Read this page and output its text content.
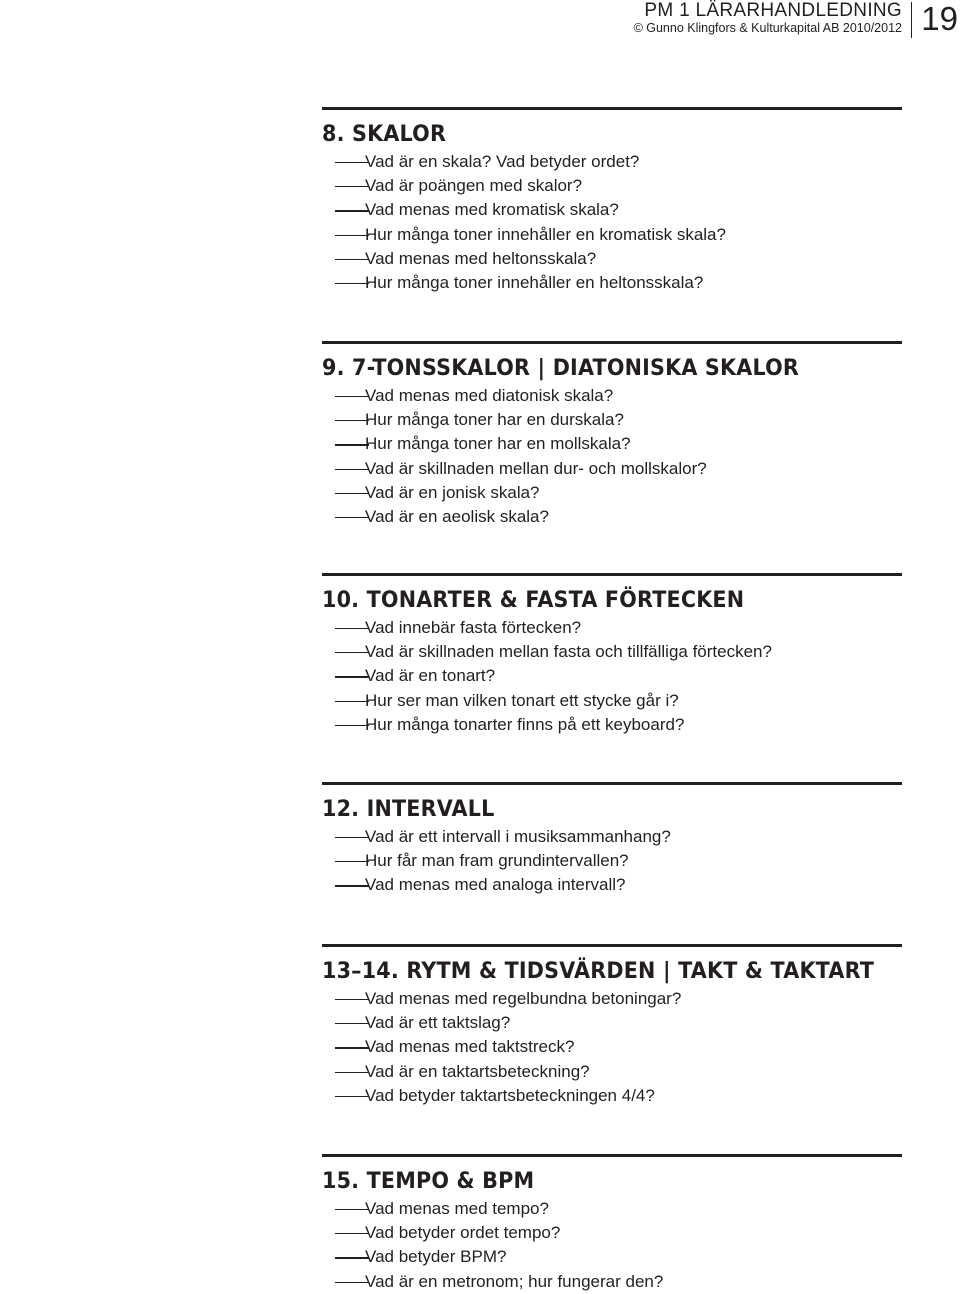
PM 1 LÄRARHANDLEDNING
© Gunno Klingfors & Kulturkapital AB 2010/2012 19
8. SKALOR
Vad är en skala? Vad betyder ordet?
Vad är poängen med skalor?
Vad menas med kromatisk skala?
Hur många toner innehåller en kromatisk skala?
Vad menas med heltonsskala?
Hur många toner innehåller en heltonsskala?
9. 7-TONSSKALOR | DIATONISKA SKALOR
Vad menas med diatonisk skala?
Hur många toner har en durskala?
Hur många toner har en mollskala?
Vad är skillnaden mellan dur- och mollskalor?
Vad är en jonisk skala?
Vad är en aeolisk skala?
10. TONARTER & FASTA FÖRTECKEN
Vad innebär fasta förtecken?
Vad är skillnaden mellan fasta och tillfälliga förtecken?
Vad är en tonart?
Hur ser man vilken tonart ett stycke går i?
Hur många tonarter finns på ett keyboard?
12. INTERVALL
Vad är ett intervall i musiksammanhang?
Hur får man fram grundintervallen?
Vad menas med analoga intervall?
13–14. RYTM & TIDSVÄRDEN | TAKT & TAKTART
Vad menas med regelbundna betoningar?
Vad är ett taktslag?
Vad menas med taktstreck?
Vad är en taktartsbeteckning?
Vad betyder taktartsbeteckningen 4/4?
15. TEMPO & BPM
Vad menas med tempo?
Vad betyder ordet tempo?
Vad betyder BPM?
Vad är en metronom; hur fungerar den?
